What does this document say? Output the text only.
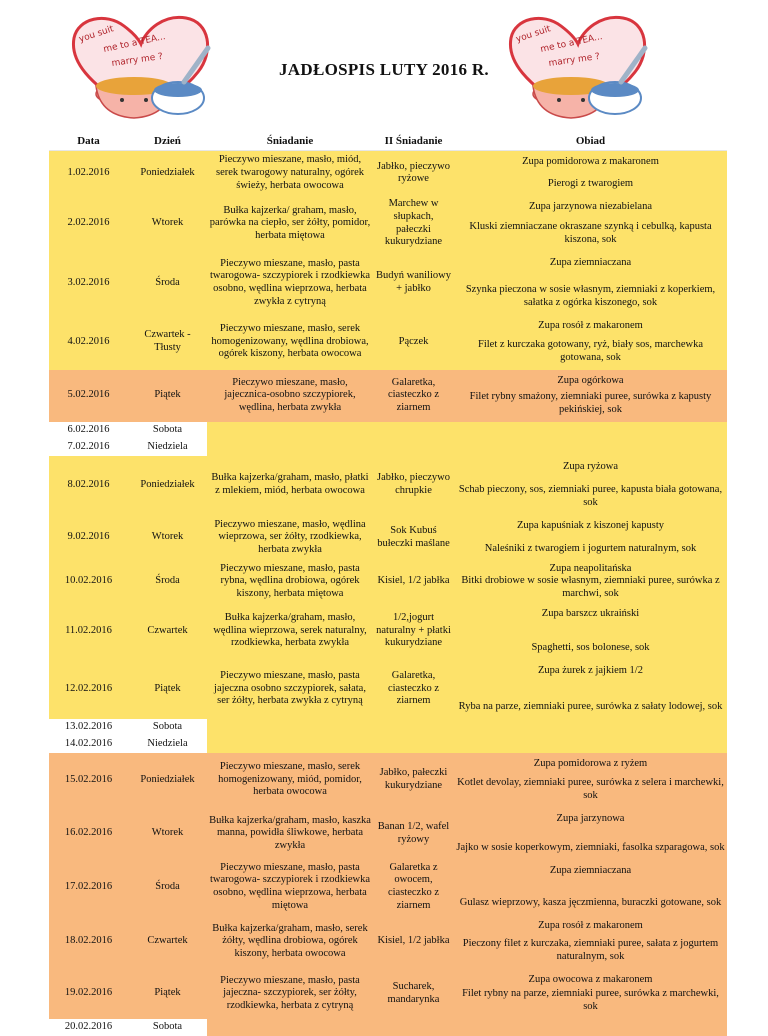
you suit
me to a TEA...
marry me ?
you suit
me to a TEA...
marry me ?
JADŁOSPIS LUTY 2016 R.
Data	Dzień	Śniadanie	II Śniadanie	Obiad
1.02.2016	Poniedziałek	Pieczywo mieszane, masło, miód, serek twarogowy naturalny, ogórek świeży, herbata owocowa	Jabłko, pieczywo ryżowe	Zupa pomidorowa z makaronem
Pierogi z twarogiem

2.02.2016	Wtorek	Bułka kajzerka/ graham, masło, parówka na ciepło, ser żółty, pomidor, herbata miętowa	Marchew w słupkach, pałeczki kukurydziane	Zupa jarzynowa niezabielana
Kluski ziemniaczane okraszane szynką i cebulką, kapusta kiszona, sok

3.02.2016	Środa	Pieczywo mieszane, masło, pasta twarogowa- szczypiorek i rzodkiewka osobno, wędlina wieprzowa, herbata zwykła z cytryną	Budyń waniliowy + jabłko	Zupa ziemniaczana
Szynka pieczona w sosie własnym, ziemniaki z koperkiem, sałatka z ogórka kiszonego, sok

4.02.2016	Czwartek - Tłusty	Pieczywo mieszane, masło, serek homogenizowany, wędlina drobiowa, ogórek kiszony, herbata owocowa	Pączek	Zupa rosół z makaronem
Filet z kurczaka gotowany, ryż, biały sos, marchewka gotowana, sok

5.02.2016	Piątek	Pieczywo mieszane, masło, jajecznica-osobno szczypiorek, wędlina, herbata zwykła	Galaretka, ciasteczko z ziarnem	Zupa ogórkowa
Filet rybny smażony, ziemniaki puree, surówka z kapusty pekińskiej, sok

6.02.2016	Sobota			
7.02.2016	Niedziela			
8.02.2016	Poniedziałek	Bułka kajzerka/graham, masło, płatki z mlekiem, miód, herbata owocowa	Jabłko, pieczywo chrupkie	Zupa ryżowa
Schab pieczony, sos, ziemniaki puree, kapusta biała gotowana, sok

9.02.2016	Wtorek	Pieczywo mieszane, masło, wędlina wieprzowa, ser żółty, rzodkiewka, herbata zwykła	Sok Kubuś bułeczki maślane	Zupa kapuśniak z kiszonej kapusty
Naleśniki z twarogiem i jogurtem naturalnym, sok

10.02.2016	Środa	Pieczywo mieszane, masło, pasta rybna, wędlina drobiowa, ogórek kiszony, herbata miętowa	Kisiel, 1/2 jabłka	Zupa neapolitańska
Bitki drobiowe w sosie własnym, ziemniaki puree, surówka z marchwi, sok

11.02.2016	Czwartek	Bułka kajzerka/graham, masło, wędlina wieprzowa, serek naturalny, rzodkiewka, herbata zwykła	1/2,jogurt naturalny + płatki kukurydziane	Zupa barszcz ukraiński
Spaghetti, sos bolonese, sok

12.02.2016	Piątek	Pieczywo mieszane, masło, pasta jajeczna osobno szczypiorek, sałata, ser żółty, herbata zwykła z cytryną	Galaretka, ciasteczko z ziarnem	Zupa żurek z jajkiem 1/2
Ryba na parze, ziemniaki puree, surówka z sałaty lodowej, sok

13.02.2016	Sobota			
14.02.2016	Niedziela			
15.02.2016	Poniedziałek	Pieczywo mieszane, masło, serek homogenizowany, miód, pomidor, herbata owocowa	Jabłko, pałeczki kukurydziane	Zupa pomidorowa z ryżem
Kotlet devolay, ziemniaki puree, surówka z selera i marchewki, sok

16.02.2016	Wtorek	Bułka kajzerka/graham, masło, kaszka manna, powidła śliwkowe, herbata zwykła	Banan 1/2, wafel ryżowy	Zupa jarzynowa
Jajko w sosie koperkowym, ziemniaki, fasolka szparagowa, sok

17.02.2016	Środa	Pieczywo mieszane, masło, pasta twarogowa- szczypiorek i rzodkiewka osobno, wędlina wieprzowa, herbata miętowa	Galaretka z owocem, ciasteczko z ziarnem	Zupa ziemniaczana
Gulasz wieprzowy, kasza jęczmienna, buraczki gotowane, sok

18.02.2016	Czwartek	Bułka kajzerka/graham, masło, serek żółty, wędlina drobiowa, ogórek kiszony, herbata owocowa	Kisiel, 1/2 jabłka	Zupa rosół z makaronem
Pieczony filet z kurczaka, ziemniaki puree, sałata z jogurtem naturalnym, sok

19.02.2016	Piątek	Pieczywo mieszane, masło, pasta jajeczna- szczypiorek, ser żółty, rzodkiewka, herbata z cytryną	Sucharek, mandarynka	Zupa owocowa z makaronem
Filet rybny na parze, ziemniaki puree, surówka z marchewki, sok

20.02.2016	Sobota			
